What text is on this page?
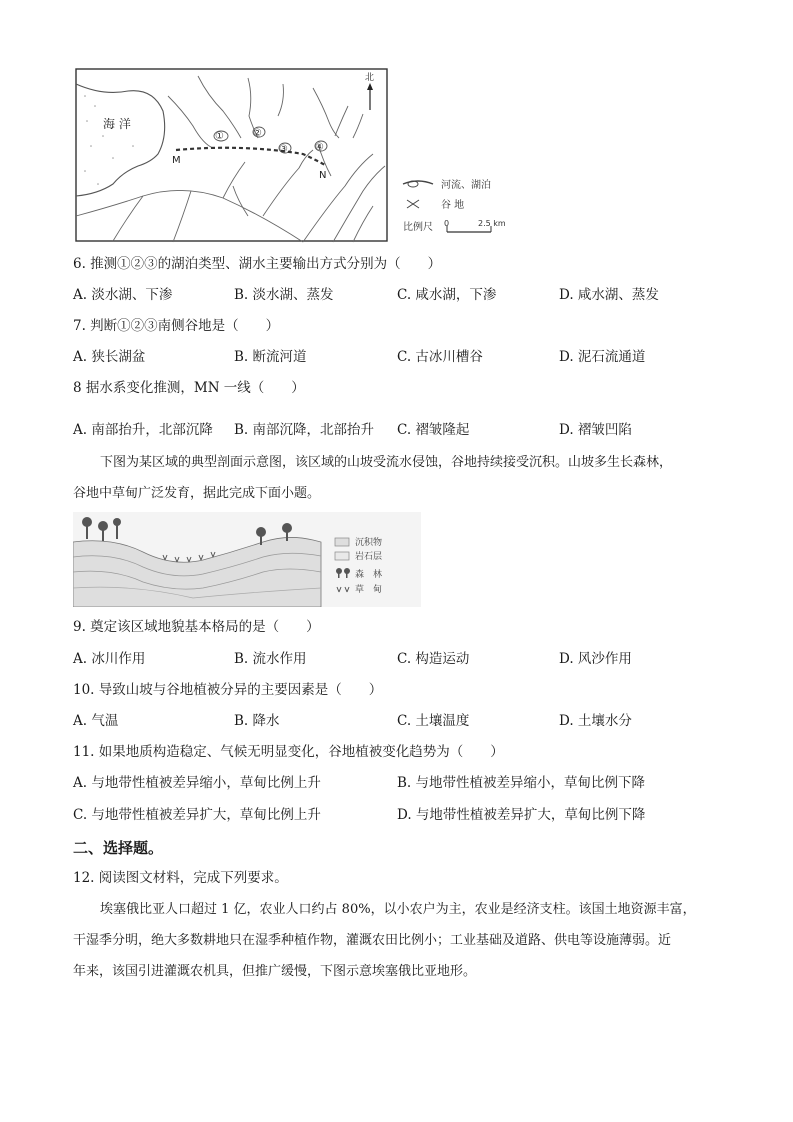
①	②
③	④
M
N
海 洋
北
河流、湖泊
谷 地
比例尺 0	2.5 km
6. 推测①②③的湖泊类型、湖水主要输出方式分别为（　　）
A. 淡水湖、下渗	B. 淡水湖、蒸发	C. 咸水湖，下渗	D. 咸水湖、蒸发
7. 判断①②③南侧谷地是（　　）
A. 狭长湖盆	B. 断流河道	C. 古冰川槽谷	D. 泥石流通道
8 据水系变化推测，MN 一线（　　）
A. 南部抬升，北部沉降 B. 南部沉降，北部抬升 C. 褶皱隆起	D. 褶皱凹陷
下图为某区域的典型剖面示意图，该区域的山坡受流水侵蚀，谷地持续接受沉积。山坡多生长森林，
谷地中草甸广泛发育，据此完成下面小题。
沉积物
岩石层
森　林
草　甸
9. 奠定该区域地貌基本格局的是（　　）
A. 冰川作用	B. 流水作用	C. 构造运动	D. 风沙作用
10. 导致山坡与谷地植被分异的主要因素是（　　）
A. 气温	B. 降水	C. 土壤温度	D. 土壤水分
11. 如果地质构造稳定、气候无明显变化，谷地植被变化趋势为（　　）
A. 与地带性植被差异缩小，草甸比例上升	B. 与地带性植被差异缩小，草甸比例下降
C. 与地带性植被差异扩大，草甸比例上升	D. 与地带性植被差异扩大，草甸比例下降
二、选择题。
12. 阅读图文材料，完成下列要求。
埃塞俄比亚人口超过 1 亿，农业人口约占 80%，以小农户为主，农业是经济支柱。该国土地资源丰富，
干湿季分明，绝大多数耕地只在湿季种植作物，灌溉农田比例小；工业基础及道路、供电等设施薄弱。近
年来，该国引进灌溉农机具，但推广缓慢，下图示意埃塞俄比亚地形。
